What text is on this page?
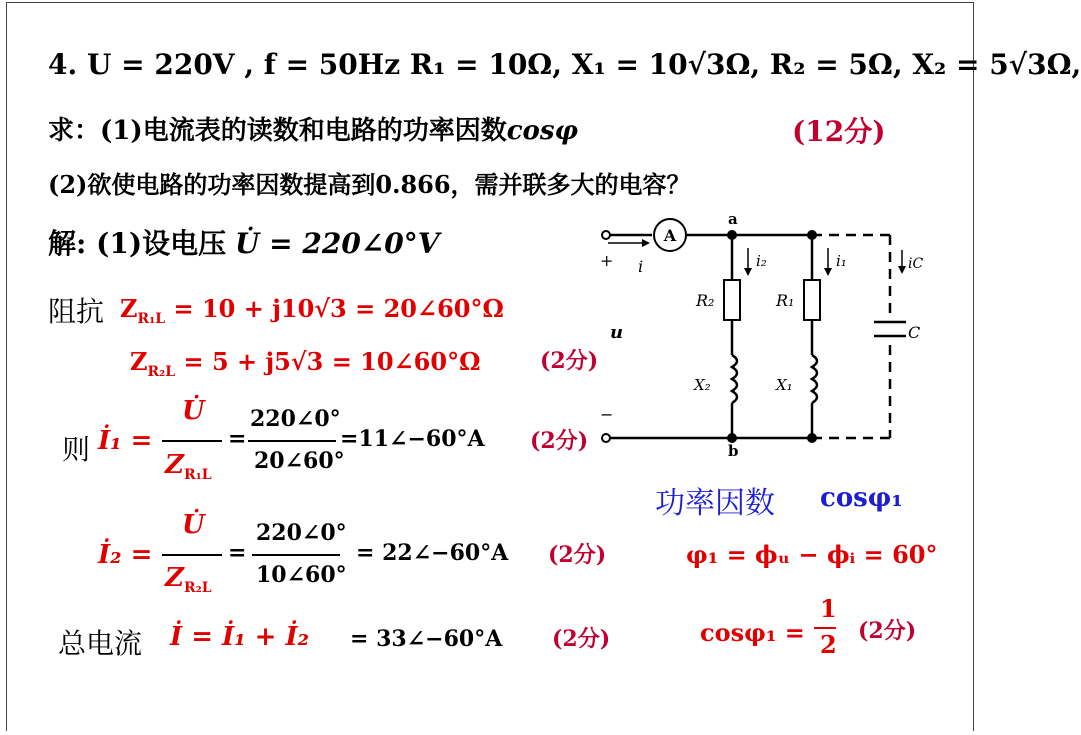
4. U = 220V , f = 50Hz R₁ = 10Ω, X₁ = 10√3Ω, R₂ = 5Ω, X₂ = 5√3Ω,
求：(1)电流表的读数和电路的功率因数cosφ	(12分)
(2)欲使电路的功率因数提高到0.866，需并联多大的电容？
解: (1)设电压 U̇ = 220∠0°V
阻抗 $Z_{R_1L} = 10 + j10√3$ = 20∠60°Ω
$Z_{R_2L} = 5 + j5√3$ = 10∠60°Ω	(2分)
则 İ₁ =
U̇
$Z_{R_1L}$
=
220∠0°
20∠60°
=11∠−60°A (2分)
İ₂ =
U̇
$Z_{R_2L}$
=
220∠0°
10∠60°
= 22∠−60°A (2分)
总电流 İ = İ₁ + İ₂ = 33∠−60°A (2分)
功率因数 cosφ₁
φ₁ = ϕᵤ − ϕᵢ = 60°
cosφ₁ =
1
2 (2分)
A
+ i
a
C
R₂
X₂
i₂
R₁
X₁
i₁	iC
b
−
u
